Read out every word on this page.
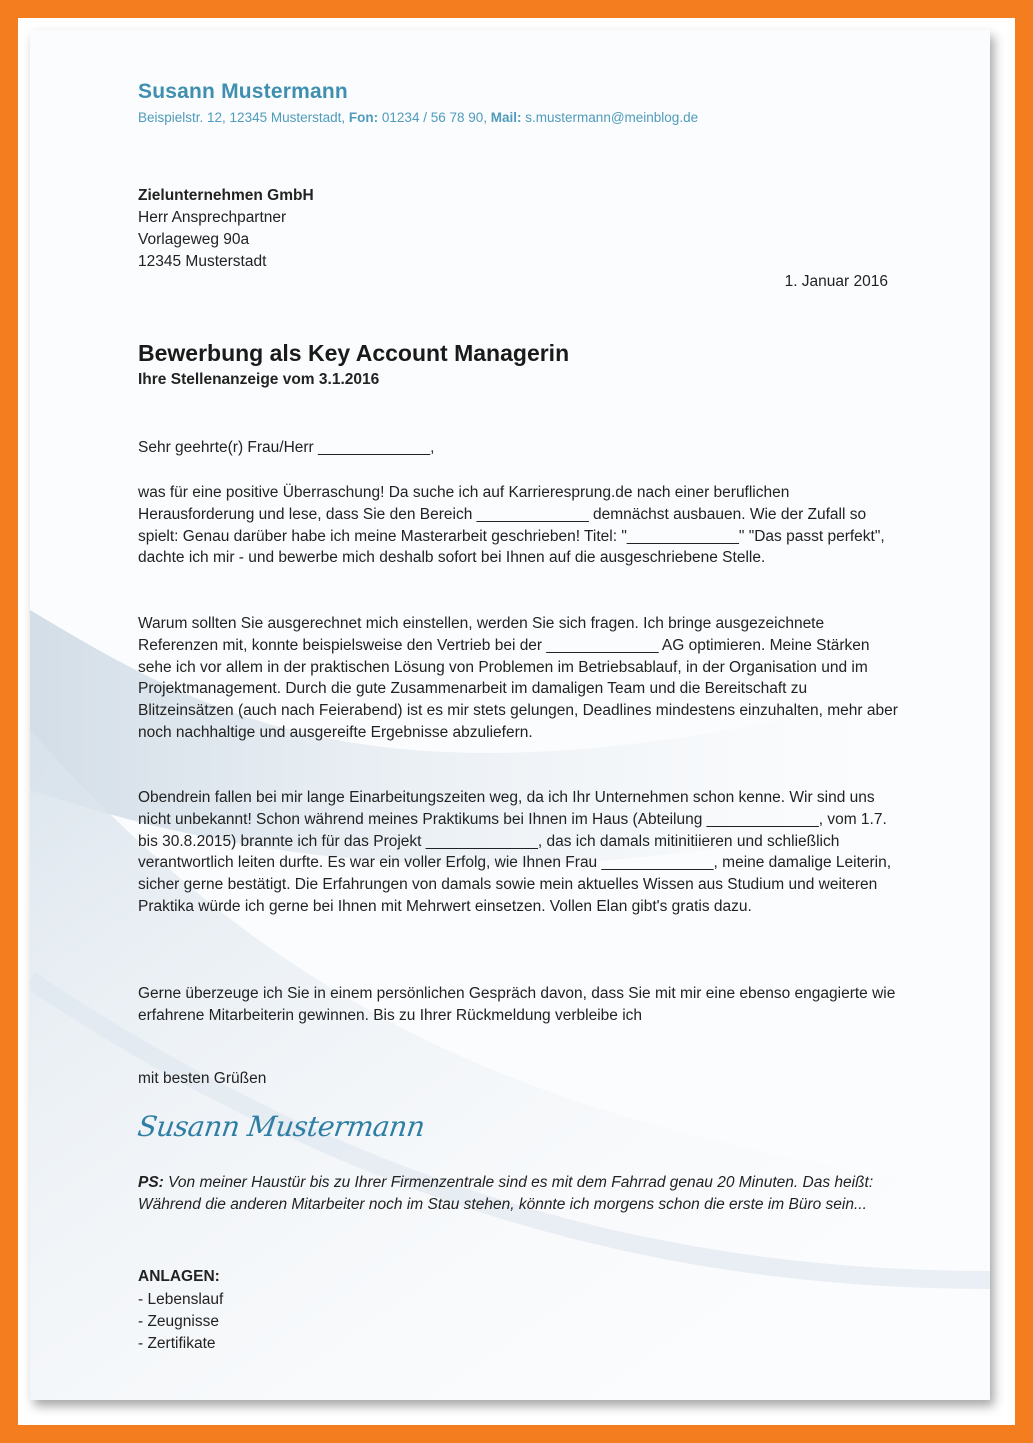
Susann Mustermann
Beispielstr. 12, 12345 Musterstadt, Fon: 01234 / 56 78 90, Mail: s.mustermann@meinblog.de
Zielunternehmen GmbH
Herr Ansprechpartner
Vorlageweg 90a
12345 Musterstadt
1. Januar 2016
Bewerbung als Key Account Managerin
Ihre Stellenanzeige vom 3.1.2016
Sehr geehrte(r) Frau/Herr _____________,
was für eine positive Überraschung! Da suche ich auf Karrieresprung.de nach einer beruflichen Herausforderung und lese, dass Sie den Bereich _____________ demnächst ausbauen. Wie der Zufall so spielt: Genau darüber habe ich meine Masterarbeit geschrieben! Titel: "_____________" "Das passt perfekt", dachte ich mir - und bewerbe mich deshalb sofort bei Ihnen auf die ausgeschriebene Stelle.
Warum sollten Sie ausgerechnet mich einstellen, werden Sie sich fragen. Ich bringe ausgezeichnete Referenzen mit, konnte beispielsweise den Vertrieb bei der _____________ AG optimieren. Meine Stärken sehe ich vor allem in der praktischen Lösung von Problemen im Betriebsablauf, in der Organisation und im Projektmanagement. Durch die gute Zusammenarbeit im damaligen Team und die Bereitschaft zu Blitzeinsätzen (auch nach Feierabend) ist es mir stets gelungen, Deadlines mindestens einzuhalten, mehr aber noch nachhaltige und ausgereifte Ergebnisse abzuliefern.
Obendrein fallen bei mir lange Einarbeitungszeiten weg, da ich Ihr Unternehmen schon kenne. Wir sind uns nicht unbekannt! Schon während meines Praktikums bei Ihnen im Haus (Abteilung _____________, vom 1.7. bis 30.8.2015) brannte ich für das Projekt _____________, das ich damals mitinitiieren und schließlich verantwortlich leiten durfte. Es war ein voller Erfolg, wie Ihnen Frau _____________, meine damalige Leiterin, sicher gerne bestätigt. Die Erfahrungen von damals sowie mein aktuelles Wissen aus Studium und weiteren Praktika würde ich gerne bei Ihnen mit Mehrwert einsetzen. Vollen Elan gibt's gratis dazu.
Gerne überzeuge ich Sie in einem persönlichen Gespräch davon, dass Sie mit mir eine ebenso engagierte wie erfahrene Mitarbeiterin gewinnen. Bis zu Ihrer Rückmeldung verbleibe ich
mit besten Grüßen
Susann Mustermann
PS: Von meiner Haustür bis zu Ihrer Firmenzentrale sind es mit dem Fahrrad genau 20 Minuten. Das heißt: Während die anderen Mitarbeiter noch im Stau stehen, könnte ich morgens schon die erste im Büro sein...
ANLAGEN:
- Lebenslauf
- Zeugnisse
- Zertifikate
